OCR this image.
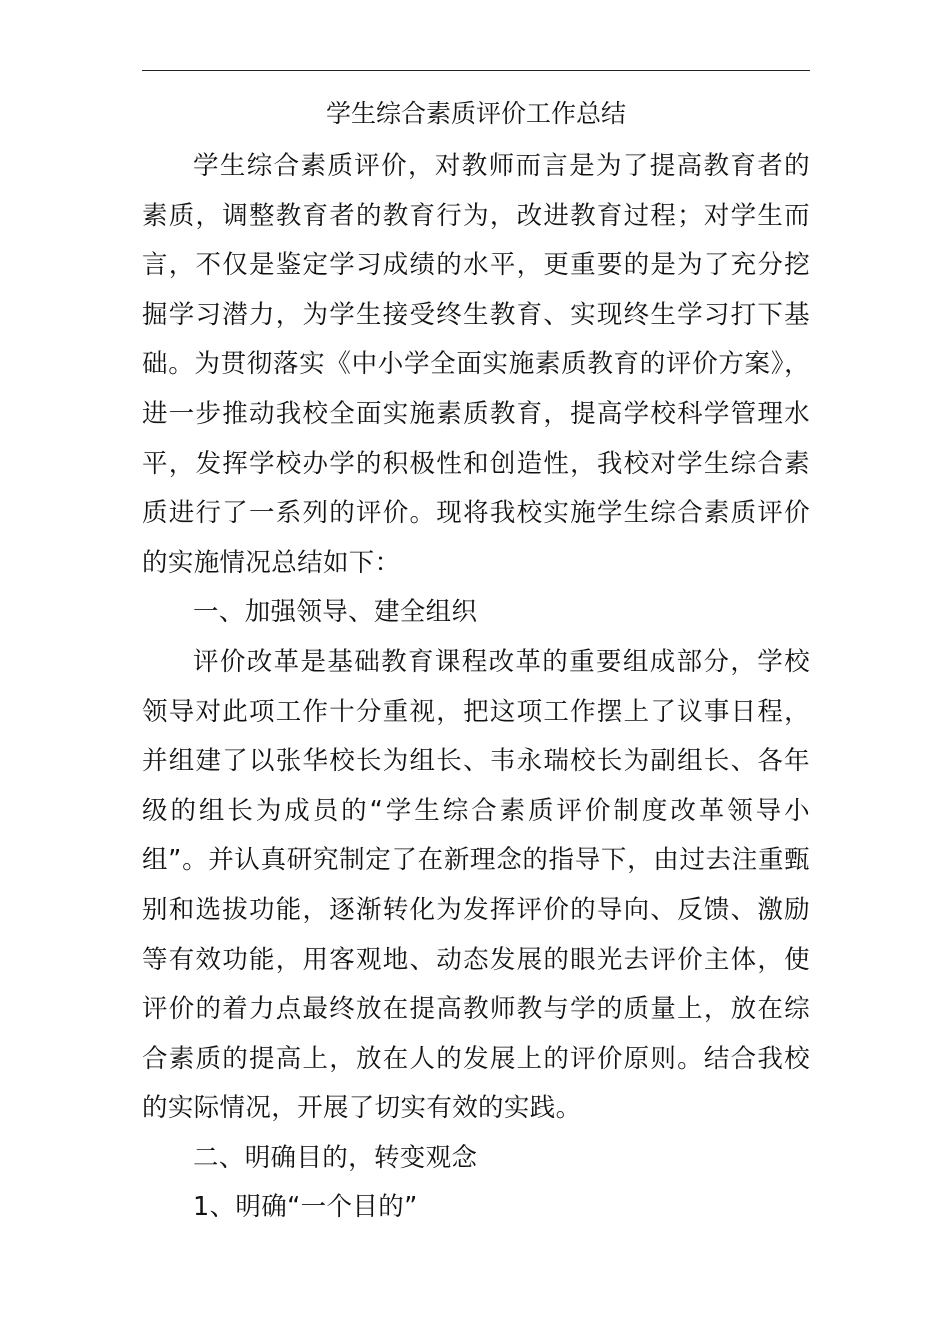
学生综合素质评价工作总结

学生综合素质评价，对教师而言是为了提高教育者的素质，调整教育者的教育行为，改进教育过程；对学生而言，不仅是鉴定学习成绩的水平，更重要的是为了充分挖掘学习潜力，为学生接受终生教育、实现终生学习打下基础。为贯彻落实《中小学全面实施素质教育的评价方案》，进一步推动我校全面实施素质教育，提高学校科学管理水平，发挥学校办学的积极性和创造性，我校对学生综合素质进行了一系列的评价。现将我校实施学生综合素质评价的实施情况总结如下：

一、加强领导、建全组织

评价改革是基础教育课程改革的重要组成部分，学校领导对此项工作十分重视，把这项工作摆上了议事日程，并组建了以张华校长为组长、韦永瑞校长为副组长、各年级的组长为成员的“学生综合素质评价制度改革领导小组”。并认真研究制定了在新理念的指导下，由过去注重甄别和选拔功能，逐渐转化为发挥评价的导向、反馈、激励等有效功能，用客观地、动态发展的眼光去评价主体，使评价的着力点最终放在提高教师教与学的质量上，放在综合素质的提高上，放在人的发展上的评价原则。结合我校的实际情况，开展了切实有效的实践。

二、明确目的，转变观念

1、明确“一个目的”
